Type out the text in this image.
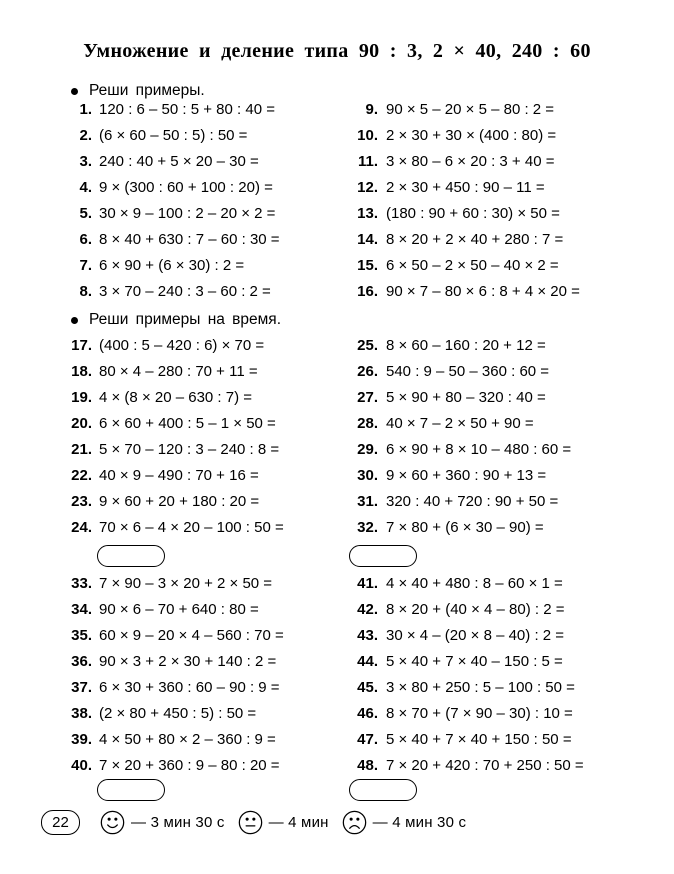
Умножение и деление типа 90 : 3, 2 × 40, 240 : 60
Реши примеры.
1. 120 : 6 – 50 : 5 + 80 : 40 =
2. (6 × 60 – 50 : 5) : 50 =
3. 240 : 40 + 5 × 20 – 30 =
4. 9 × (300 : 60 + 100 : 20) =
5. 30 × 9 – 100 : 2 – 20 × 2 =
6. 8 × 40 + 630 : 7 – 60 : 30 =
7. 6 × 90 + (6 × 30) : 2 =
8. 3 × 70 – 240 : 3 – 60 : 2 =
9. 90 × 5 – 20 × 5 – 80 : 2 =
10. 2 × 30 + 30 × (400 : 80) =
11. 3 × 80 – 6 × 20 : 3 + 40 =
12. 2 × 30 + 450 : 90 – 11 =
13. (180 : 90 + 60 : 30) × 50 =
14. 8 × 20 + 2 × 40 + 280 : 7 =
15. 6 × 50 – 2 × 50 – 40 × 2 =
16. 90 × 7 – 80 × 6 : 8 + 4 × 20 =
Реши примеры на время.
17. (400 : 5 – 420 : 6) × 70 =
18. 80 × 4 – 280 : 70 + 11 =
19. 4 × (8 × 20 – 630 : 7) =
20. 6 × 60 + 400 : 5 – 1 × 50 =
21. 5 × 70 – 120 : 3 – 240 : 8 =
22. 40 × 9 – 490 : 70 + 16 =
23. 9 × 60 + 20 + 180 : 20 =
24. 70 × 6 – 4 × 20 – 100 : 50 =
25. 8 × 60 – 160 : 20 + 12 =
26. 540 : 9 – 50 – 360 : 60 =
27. 5 × 90 + 80 – 320 : 40 =
28. 40 × 7 – 2 × 50 + 90 =
29. 6 × 90 + 8 × 10 – 480 : 60 =
30. 9 × 60 + 360 : 90 + 13 =
31. 320 : 40 + 720 : 90 + 50 =
32. 7 × 80 + (6 × 30 – 90) =
33. 7 × 90 – 3 × 20 + 2 × 50 =
34. 90 × 6 – 70 + 640 : 80 =
35. 60 × 9 – 20 × 4 – 560 : 70 =
36. 90 × 3 + 2 × 30 + 140 : 2 =
37. 6 × 30 + 360 : 60 – 90 : 9 =
38. (2 × 80 + 450 : 5) : 50 =
39. 4 × 50 + 80 × 2 – 360 : 9 =
40. 7 × 20 + 360 : 9 – 80 : 20 =
41. 4 × 40 + 480 : 8 – 60 × 1 =
42. 8 × 20 + (40 × 4 – 80) : 2 =
43. 30 × 4 – (20 × 8 – 40) : 2 =
44. 5 × 40 + 7 × 40 – 150 : 5 =
45. 3 × 80 + 250 : 5 – 100 : 50 =
46. 8 × 70 + (7 × 90 – 30) : 10 =
47. 5 × 40 + 7 × 40 + 150 : 50 =
48. 7 × 20 + 420 : 70 + 250 : 50 =
22	— 3 мин 30 с	— 4 мин	— 4 мин 30 с
